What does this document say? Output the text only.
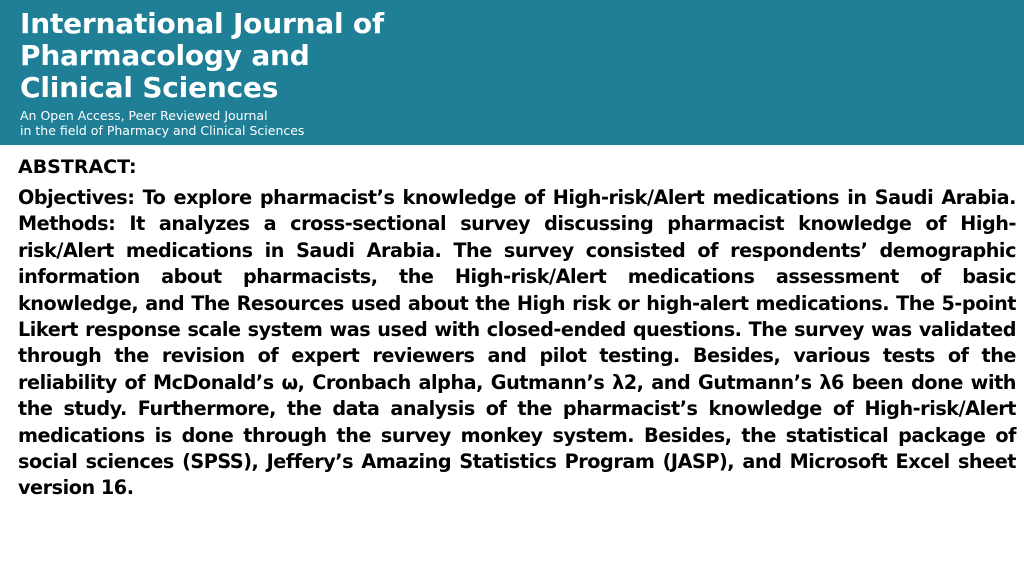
International Journal of
Pharmacology and
Clinical Sciences
An Open Access, Peer Reviewed Journal
in the field of Pharmacy and Clinical Sciences
ABSTRACT:

Objectives: To explore pharmacist’s knowledge of High-risk/Alert medications in Saudi Arabia. Methods: It analyzes a cross-sectional survey discussing pharmacist knowledge of High-risk/Alert medications in Saudi Arabia. The survey consisted of respondents’ demographic information about pharmacists, the High-risk/Alert medications assessment of basic knowledge, and The Resources used about the High risk or high-alert medications. The 5-point Likert response scale system was used with closed-ended questions. The survey was validated through the revision of expert reviewers and pilot testing. Besides, various tests of the reliability of McDonald’s ω, Cronbach alpha, Gutmann’s λ2, and Gutmann’s λ6 been done with the study. Furthermore, the data analysis of the pharmacist’s knowledge of High-risk/Alert medications is done through the survey monkey system. Besides, the statistical package of social sciences (SPSS), Jeffery’s Amazing Statistics Program (JASP), and Microsoft Excel sheet version 16.
